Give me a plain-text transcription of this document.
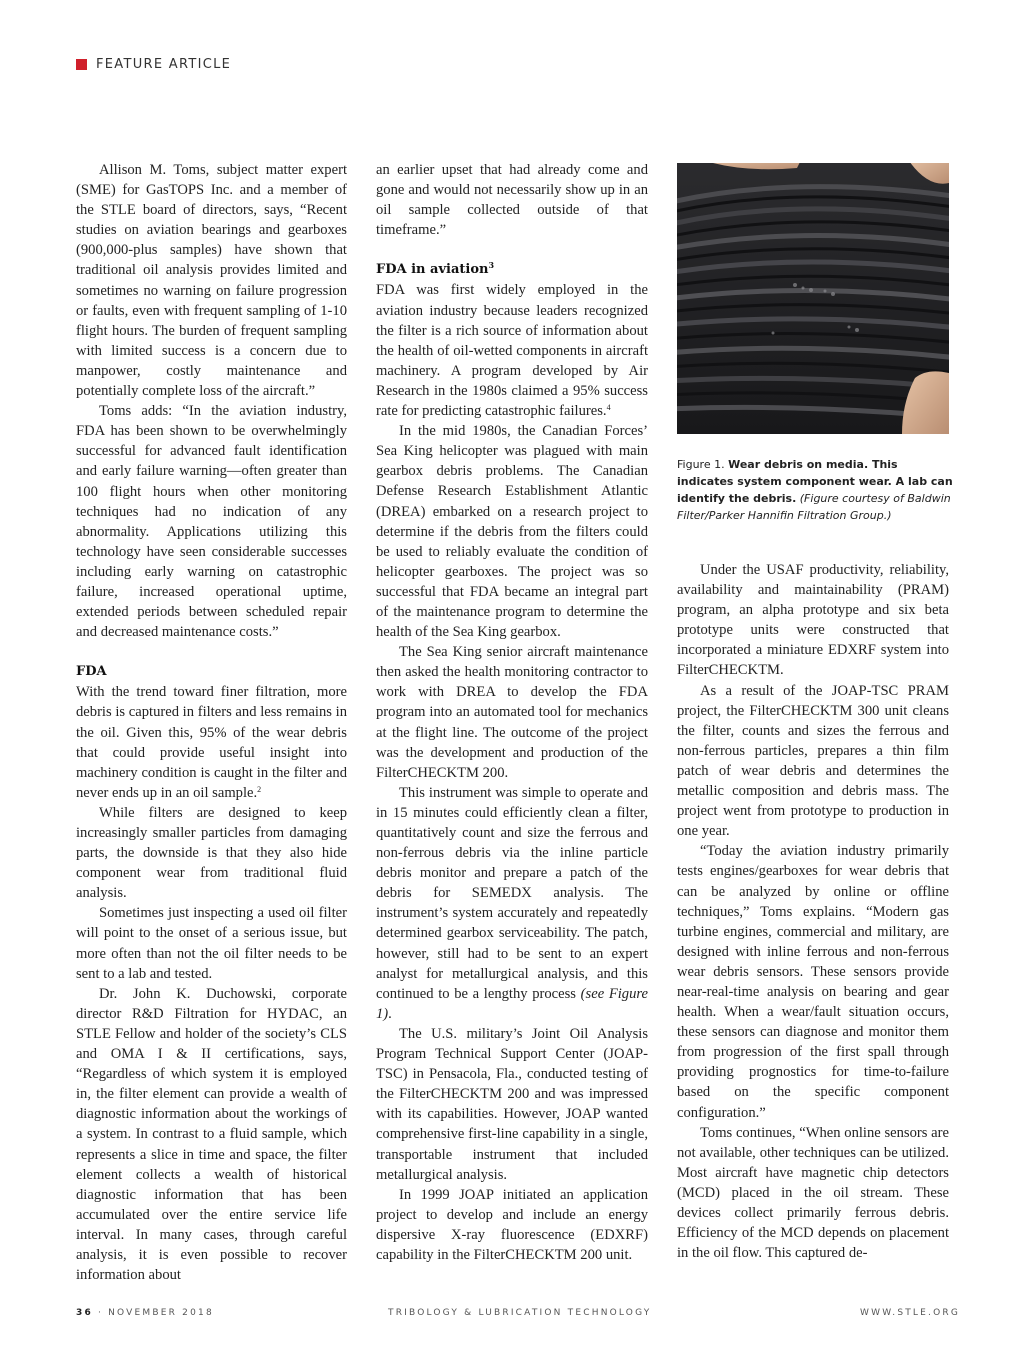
FEATURE ARTICLE

Allison M. Toms, subject matter expert (SME) for GasTOPS Inc. and a member of the STLE board of directors, says, “Recent studies on aviation bearings and gearboxes (900,000-plus samples) have shown that traditional oil analysis provides limited and sometimes no warning on failure progression or faults, even with frequent sampling of 1-10 flight hours. The burden of frequent sampling with limited success is a concern due to manpower, costly maintenance and potentially complete loss of the aircraft.”

Toms adds: “In the aviation industry, FDA has been shown to be overwhelmingly successful for advanced fault identification and early failure warning—often greater than 100 flight hours when other monitoring techniques had no indication of any abnormality. Applications utilizing this technology have seen considerable successes including early warning on catastrophic failure, increased operational uptime, extended periods between scheduled repair and decreased maintenance costs.”

FDA

With the trend toward finer filtration, more debris is captured in filters and less remains in the oil. Given this, 95% of the wear debris that could provide useful insight into machinery condition is caught in the filter and never ends up in an oil sample.$^2$

While filters are designed to keep increasingly smaller particles from damaging parts, the downside is that they also hide component wear from traditional fluid analysis.

Sometimes just inspecting a used oil filter will point to the onset of a serious issue, but more often than not the oil filter needs to be sent to a lab and tested.

Dr. John K. Duchowski, corporate director R&D Filtration for HYDAC, an STLE Fellow and holder of the society’s CLS and OMA I & II certifications, says, “Regardless of which system it is employed in, the filter element can provide a wealth of diagnostic information about the workings of a system. In contrast to a fluid sample, which represents a slice in time and space, the filter element collects a wealth of historical diagnostic information that has been accumulated over the entire service life interval. In many cases, through careful analysis, it is even possible to recover information about

an earlier upset that had already come and gone and would not necessarily show up in an oil sample collected outside of that timeframe.”

FDA in aviation$^3$

FDA was first widely employed in the aviation industry because leaders recognized the filter is a rich source of information about the health of oil-wetted components in aircraft machinery. A program developed by Air Research in the 1980s claimed a 95% success rate for predicting catastrophic failures.$^4$

In the mid 1980s, the Canadian Forces’ Sea King helicopter was plagued with main gearbox debris problems. The Canadian Defense Research Establishment Atlantic (DREA) embarked on a research project to determine if the debris from the filters could be used to reliably evaluate the condition of helicopter gearboxes. The project was so successful that FDA became an integral part of the maintenance program to determine the health of the Sea King gearbox.

The Sea King senior aircraft maintenance then asked the health monitoring contractor to work with DREA to develop the FDA program into an automated tool for mechanics at the flight line. The outcome of the project was the development and production of the FilterCHECKTM 200.

This instrument was simple to operate and in 15 minutes could efficiently clean a filter, quantitatively count and size the ferrous and non-ferrous debris via the inline particle debris monitor and prepare a patch of the debris for SEMEDX analysis. The instrument’s system accurately and repeatedly determined gearbox serviceability. The patch, however, still had to be sent to an expert analyst for metallurgical analysis, and this continued to be a lengthy process (see Figure 1).

The U.S. military’s Joint Oil Analysis Program Technical Support Center (JOAP-TSC) in Pensacola, Fla., conducted testing of the FilterCHECKTM 200 and was impressed with its capabilities. However, JOAP wanted comprehensive first-line capability in a single, transportable instrument that included metallurgical analysis.

In 1999 JOAP initiated an application project to develop and include an energy dispersive X-ray fluorescence (EDXRF) capability in the FilterCHECKTM 200 unit.

Figure 1. Wear debris on media. This indicates system component wear. A lab can identify the debris. (Figure courtesy of Baldwin Filter/Parker Hannifin Filtration Group.)

Under the USAF productivity, reliability, availability and maintainability (PRAM) program, an alpha prototype and six beta prototype units were constructed that incorporated a miniature EDXRF system into FilterCHECKTM.

As a result of the JOAP-TSC PRAM project, the FilterCHECKTM 300 unit cleans the filter, counts and sizes the ferrous and non-ferrous particles, prepares a thin film patch of wear debris and determines the metallic composition and debris mass. The project went from prototype to production in one year.

“Today the aviation industry primarily tests engines/gearboxes for wear debris that can be analyzed by online or offline techniques,” Toms explains. “Modern gas turbine engines, commercial and military, are designed with inline ferrous and non-ferrous wear debris sensors. These sensors provide near-real-time analysis on bearing and gear health. When a wear/fault situation occurs, these sensors can diagnose and monitor them from progression of the first spall through providing prognostics for time-to-failure based on the specific component configuration.”

Toms continues, “When online sensors are not available, other techniques can be utilized. Most aircraft have magnetic chip detectors (MCD) placed in the oil stream. These devices collect primarily ferrous debris. Efficiency of the MCD depends on placement in the oil flow. This captured de-

36 · NOVEMBER 2018	TRIBOLOGY & LUBRICATION TECHNOLOGY	WWW.STLE.ORG
